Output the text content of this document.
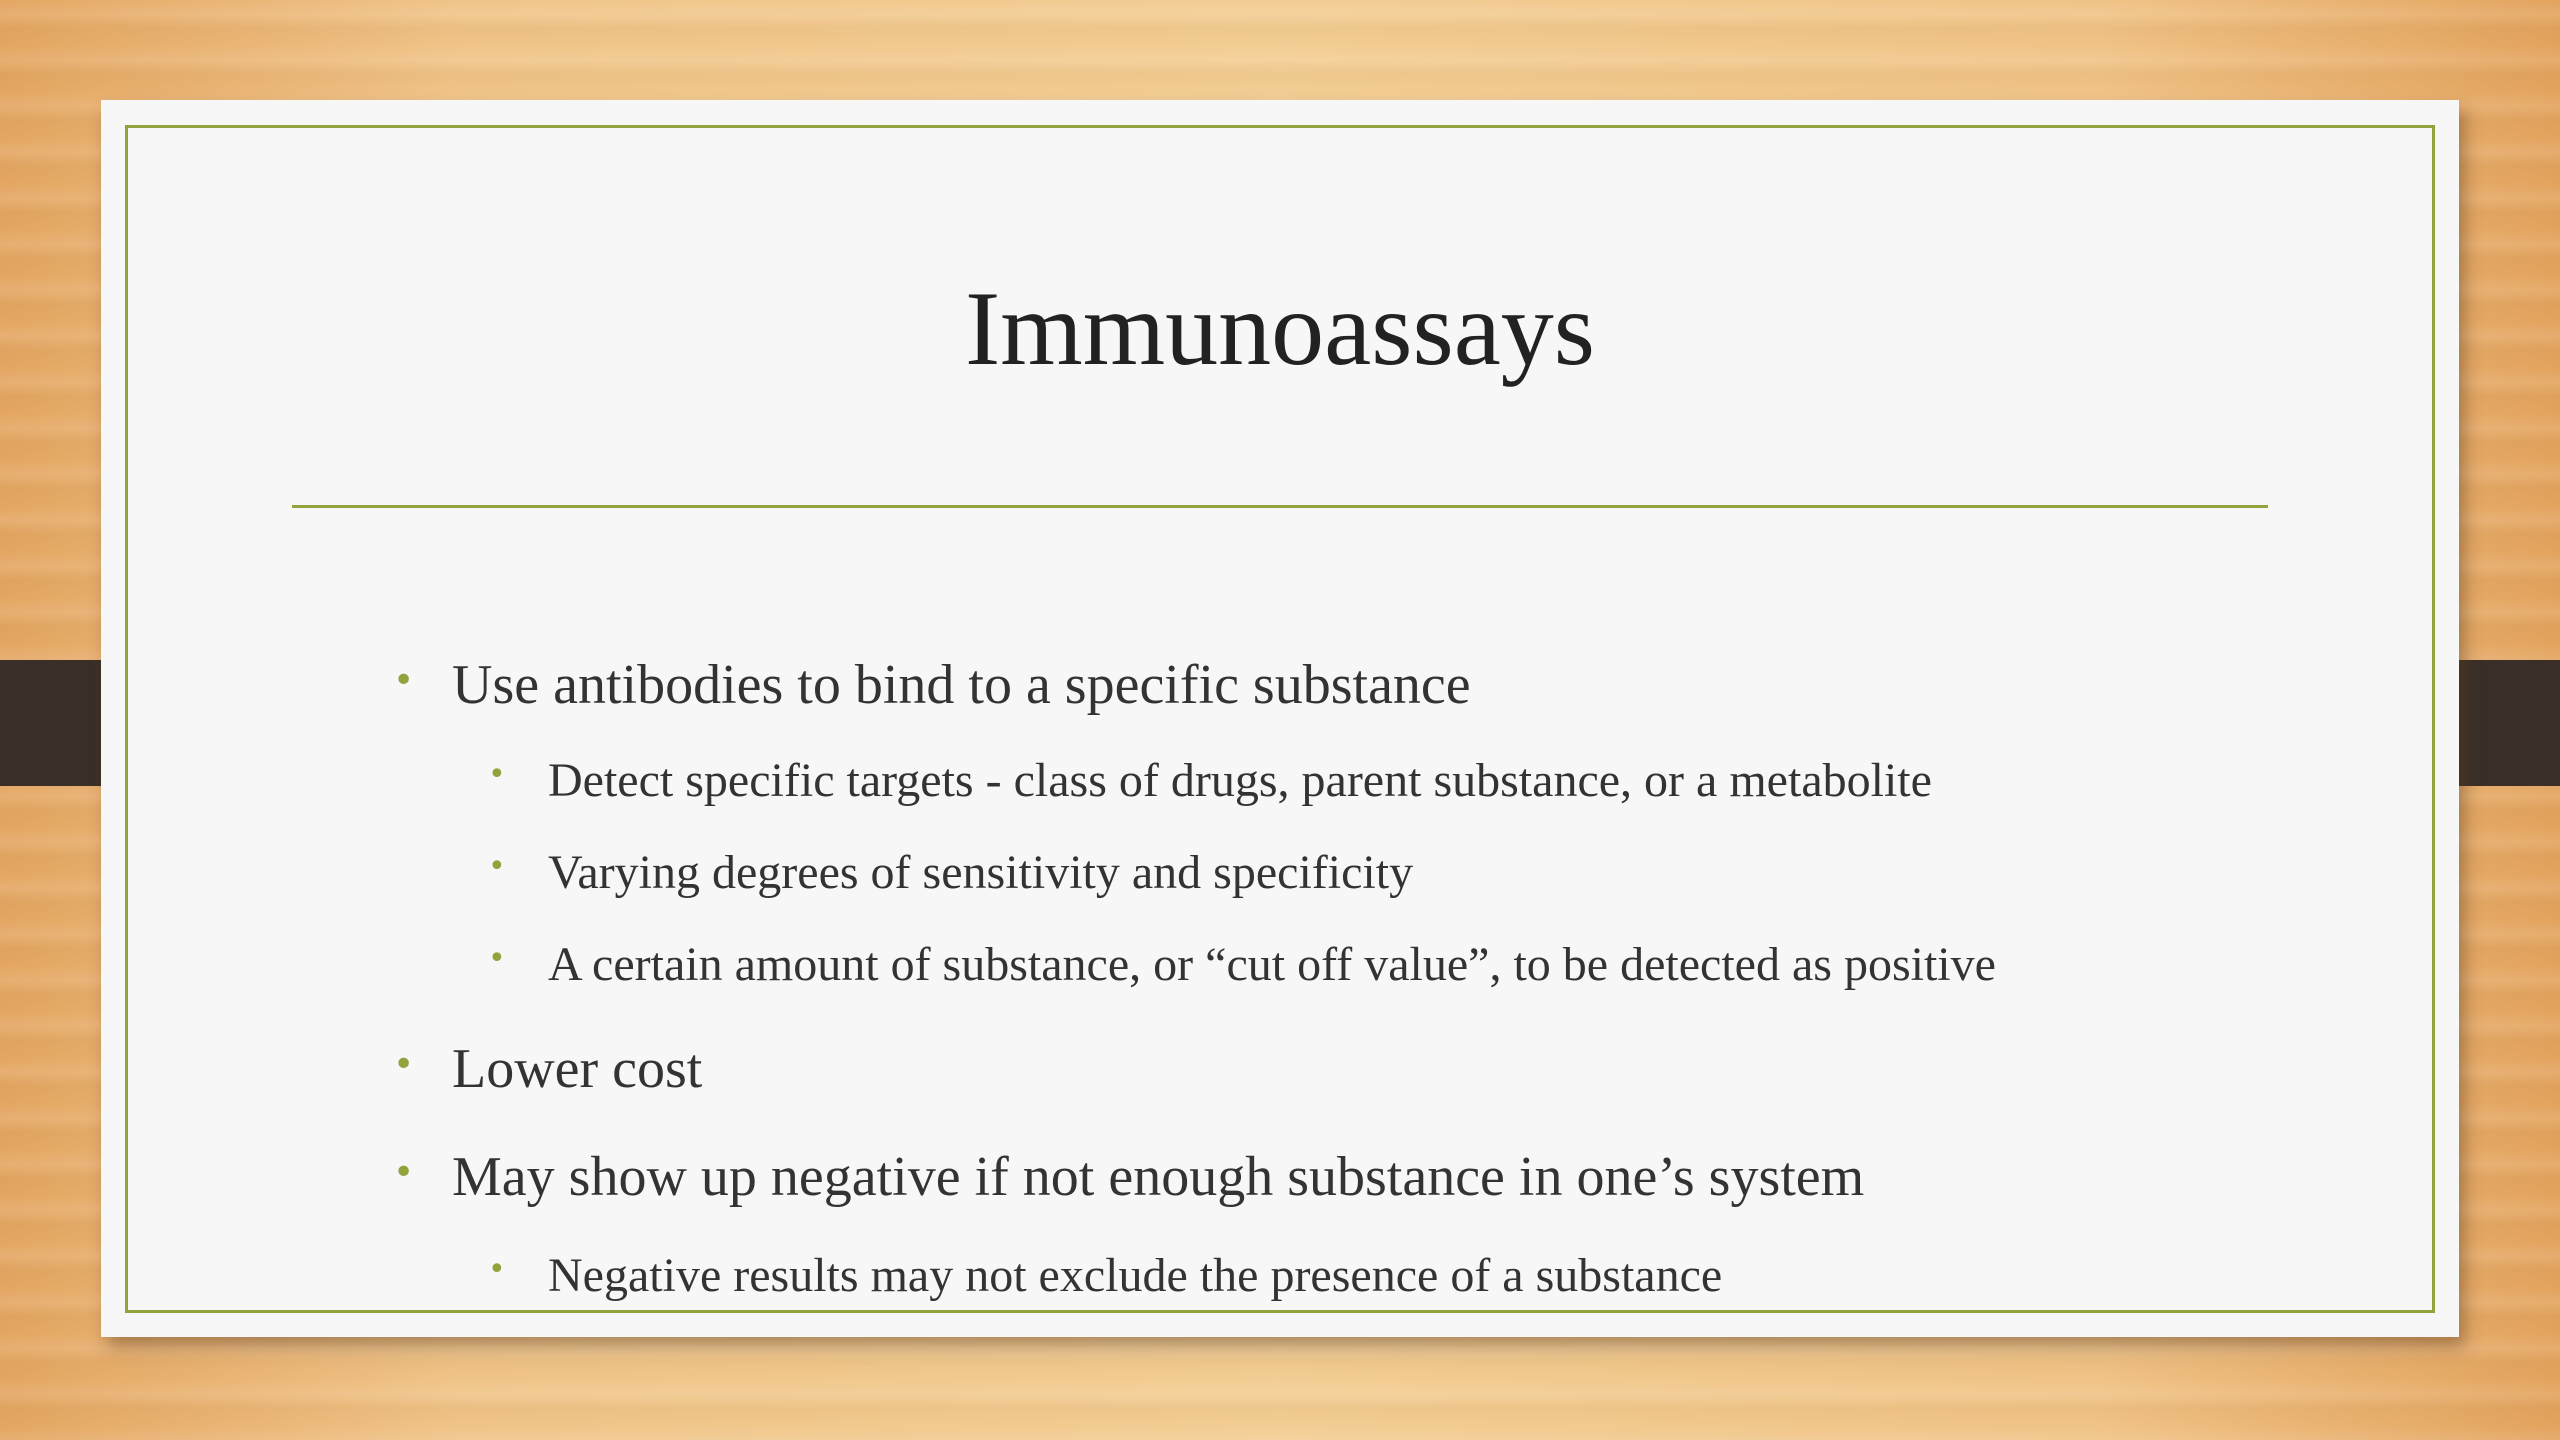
Immunoassays
• Use antibodies to bind to a specific substance
• Detect specific targets - class of drugs, parent substance, or a metabolite
• Varying degrees of sensitivity and specificity
• A certain amount of substance, or “cut off value”, to be detected as positive
• Lower cost
• May show up negative if not enough substance in one’s system
• Negative results may not exclude the presence of a substance
